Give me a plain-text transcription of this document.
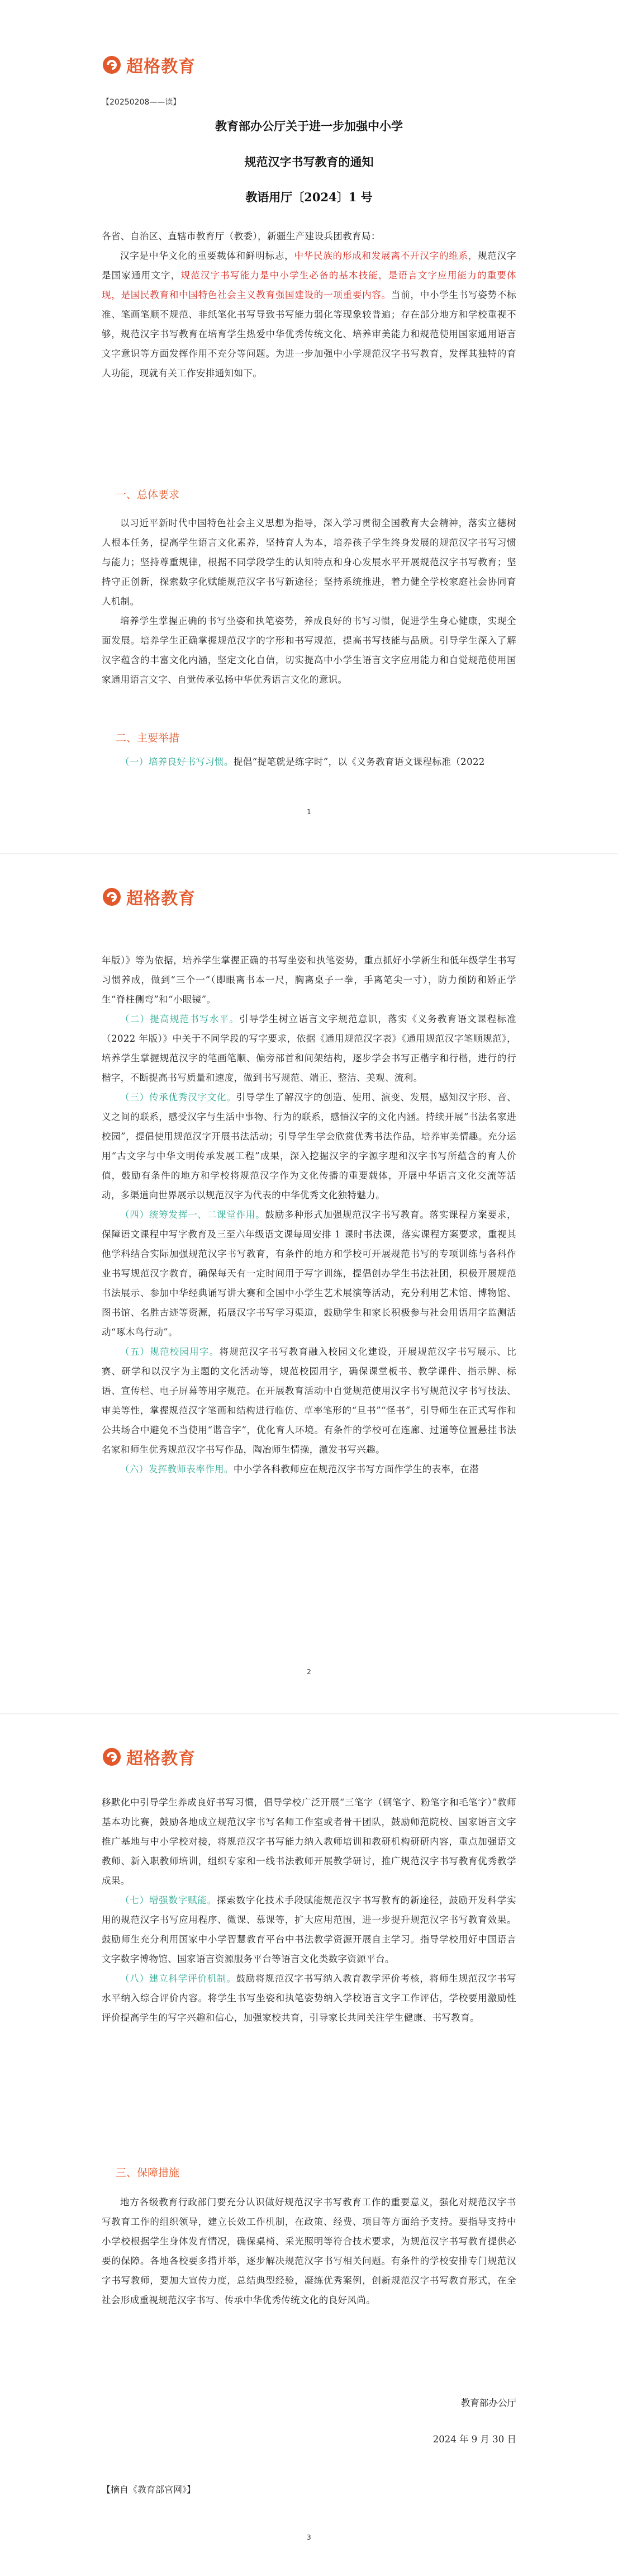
超格教育
【20250208——读】
教育部办公厅关于进一步加强中小学
规范汉字书写教育的通知
教语用厅〔2024〕1 号

各省、自治区、直辖市教育厅（教委），新疆生产建设兵团教育局：

汉字是中华文化的重要载体和鲜明标志，中华民族的形成和发展离不开汉字的维系，规范汉字是国家通用文字，规范汉字书写能力是中小学生必备的基本技能，是语言文字应用能力的重要体现，是国民教育和中国特色社会主义教育强国建设的一项重要内容。当前，中小学生书写姿势不标准、笔画笔顺不规范、非纸笔化书写导致书写能力弱化等现象较普遍；存在部分地方和学校重视不够，规范汉字书写教育在培育学生热爱中华优秀传统文化、培养审美能力和规范使用国家通用语言文字意识等方面发挥作用不充分等问题。为进一步加强中小学规范汉字书写教育，发挥其独特的育人功能，现就有关工作安排通知如下。

一、总体要求

以习近平新时代中国特色社会主义思想为指导，深入学习贯彻全国教育大会精神，落实立德树人根本任务，提高学生语言文化素养，坚持育人为本，培养孩子学生终身发展的规范汉字书写习惯与能力；坚持尊重规律，根据不同学段学生的认知特点和身心发展水平开展规范汉字书写教育；坚持守正创新，探索数字化赋能规范汉字书写新途径；坚持系统推进，着力健全学校家庭社会协同育人机制。

培养学生掌握正确的书写坐姿和执笔姿势，养成良好的书写习惯，促进学生身心健康，实现全面发展。培养学生正确掌握规范汉字的字形和书写规范，提高书写技能与品质。引导学生深入了解汉字蕴含的丰富文化内涵，坚定文化自信，切实提高中小学生语言文字应用能力和自觉规范使用国家通用语言文字、自觉传承弘扬中华优秀语言文化的意识。

二、主要举措

（一）培养良好书写习惯。提倡“提笔就是练字时”，以《义务教育语文课程标准（2022

1
超格教育

年版）》等为依据，培养学生掌握正确的书写坐姿和执笔姿势，重点抓好小学新生和低年级学生书写习惯养成，做到“三个一”（即眼离书本一尺，胸离桌子一拳，手离笔尖一寸），防力预防和矫正学生“脊柱侧弯”和“小眼镜”。

（二）提高规范书写水平。引导学生树立语言文字规范意识，落实《义务教育语文课程标准（2022 年版）》中关于不同学段的写字要求，依据《通用规范汉字表》《通用规范汉字笔顺规范》，培养学生掌握规范汉字的笔画笔顺、偏旁部首和间架结构，逐步学会书写正楷字和行楷，进行的行楷字，不断提高书写质量和速度，做到书写规范、端正、整洁、美观、流利。

（三）传承优秀汉字文化。引导学生了解汉字的创造、使用、演变、发展，感知汉字形、音、义之间的联系，感受汉字与生活中事物、行为的联系，感悟汉字的文化内涵。持续开展“书法名家进校园”，提倡使用规范汉字开展书法活动；引导学生学会欣赏优秀书法作品，培养审美情趣。充分运用“古文字与中华文明传承发展工程”成果，深入挖掘汉字的字源字理和汉字书写所蕴含的育人价值，鼓励有条件的地方和学校将规范汉字作为文化传播的重要载体，开展中华语言文化交流等活动，多渠道向世界展示以规范汉字为代表的中华优秀文化独特魅力。

（四）统筹发挥一、二课堂作用。鼓励多种形式加强规范汉字书写教育。落实课程方案要求，保障语文课程中写字教育及三至六年级语文课每周安排 1 课时书法课，落实课程方案要求，重视其他学科结合实际加强规范汉字书写教育，有条件的地方和学校可开展规范书写的专项训练与各科作业书写规范汉字教育，确保每天有一定时间用于写字训练，提倡创办学生书法社团，积极开展规范书法展示、参加中华经典诵写讲大赛和全国中小学生艺术展演等活动，充分利用艺术馆、博物馆、图书馆、名胜古迹等资源，拓展汉字书写学习渠道，鼓励学生和家长积极参与社会用语用字监测活动“啄木鸟行动”。

（五）规范校园用字。将规范汉字书写教育融入校园文化建设，开展规范汉字书写展示、比赛、研学和以汉字为主题的文化活动等，规范校园用字，确保课堂板书、教学课件、指示牌、标语、宣传栏、电子屏幕等用字规范。在开展教育活动中自觉规范使用汉字书写规范汉字书写技法、审美等性，掌握规范汉字笔画和结构进行临仿、草率笔形的“旦书”“怪书”，引导师生在正式写作和公共场合中避免不当使用“谐音字”，优化育人环境。有条件的学校可在连廊、过道等位置悬挂书法名家和师生优秀规范汉字书写作品，陶冶师生情操，激发书写兴趣。

（六）发挥教师表率作用。中小学各科教师应在规范汉字书写方面作学生的表率，在潜

2
超格教育

移默化中引导学生养成良好书写习惯，倡导学校广泛开展“三笔字（钢笔字、粉笔字和毛笔字）”教师基本功比赛，鼓励各地成立规范汉字书写名师工作室或者骨干团队，鼓励师范院校、国家语言文字推广基地与中小学校对接，将规范汉字书写能力纳入教师培训和教研机构研研内容，重点加强语文教师、新入职教师培训，组织专家和一线书法教师开展教学研讨，推广规范汉字书写教育优秀教学成果。

（七）增强数字赋能。探索数字化技术手段赋能规范汉字书写教育的新途径，鼓励开发科学实用的规范汉字书写应用程序、微课、慕课等，扩大应用范围，进一步提升规范汉字书写教育效果。鼓励师生充分利用国家中小学智慧教育平台中书法教学资源开展自主学习。指导学校用好中国语言文字数字博物馆、国家语言资源服务平台等语言文化类数字资源平台。

（八）建立科学评价机制。鼓励将规范汉字书写纳入教育教学评价考核，将师生规范汉字书写水平纳入综合评价内容。将学生书写坐姿和执笔姿势纳入学校语言文字工作评估，学校要用激励性评价提高学生的写字兴趣和信心，加强家校共育，引导家长共同关注学生健康、书写教育。

三、保障措施

地方各级教育行政部门要充分认识做好规范汉字书写教育工作的重要意义，强化对规范汉字书写教育工作的组织领导，建立长效工作机制，在政策、经费、项目等方面给予支持。要指导支持中小学校根据学生身体发育情况，确保桌椅、采光照明等符合技术要求，为规范汉字书写教育提供必要的保障。各地各校要多措并举，逐步解决规范汉字书写相关问题。有条件的学校安排专门规范汉字书写教师，要加大宣传力度，总结典型经验，凝练优秀案例，创新规范汉字书写教育形式，在全社会形成重视规范汉字书写、传承中华优秀传统文化的良好风尚。

教育部办公厅
2024 年 9 月 30 日
【摘自《教育部官网》】
3
